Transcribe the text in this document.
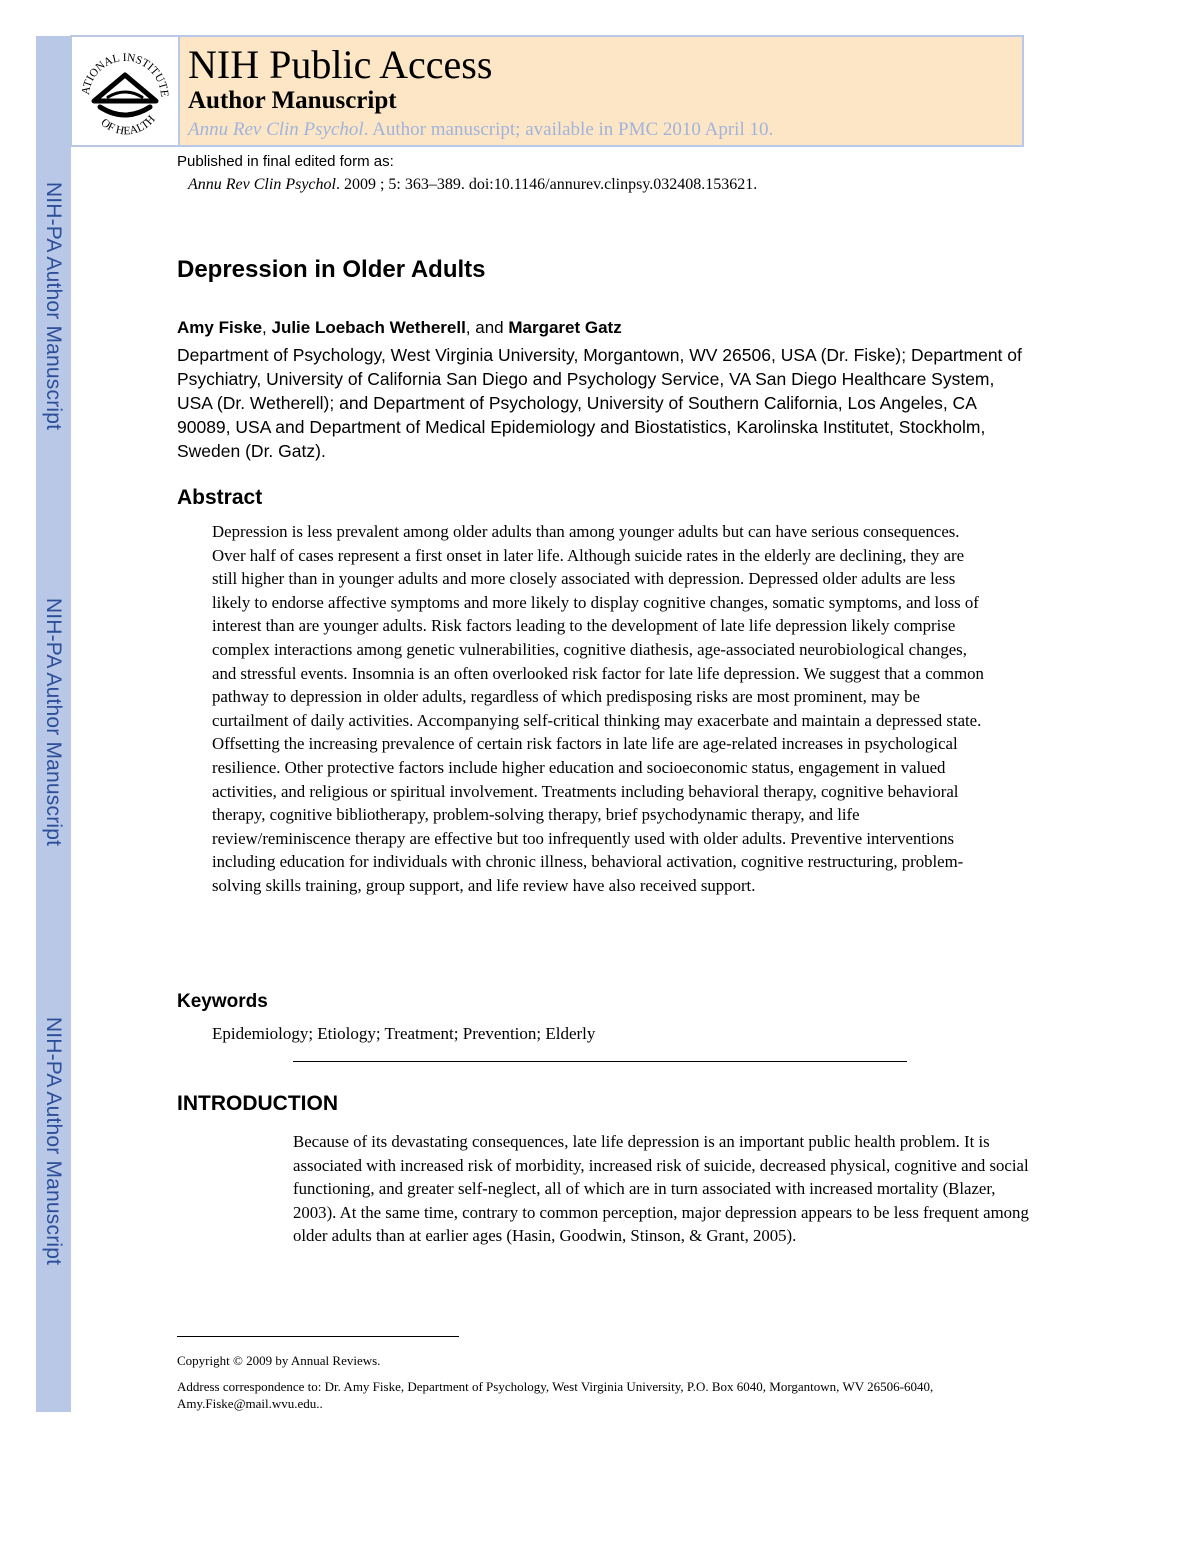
NIH-PA Author Manuscript
NIH-PA Author Manuscript
NIH-PA Author Manuscript
ATIONAL INSTITUTE
OF HEALTH
NIH Public Access
Author Manuscript
Annu Rev Clin Psychol. Author manuscript; available in PMC 2010 April 10.
Published in final edited form as:
Annu Rev Clin Psychol. 2009 ; 5: 363–389. doi:10.1146/annurev.clinpsy.032408.153621.
Depression in Older Adults
Amy Fiske, Julie Loebach Wetherell, and Margaret Gatz
Department of Psychology, West Virginia University, Morgantown, WV 26506, USA (Dr. Fiske); Department of Psychiatry, University of California San Diego and Psychology Service, VA San Diego Healthcare System, USA (Dr. Wetherell); and Department of Psychology, University of Southern California, Los Angeles, CA 90089, USA and Department of Medical Epidemiology and Biostatistics, Karolinska Institutet, Stockholm, Sweden (Dr. Gatz).
Abstract

Depression is less prevalent among older adults than among younger adults but can have serious consequences. Over half of cases represent a first onset in later life. Although suicide rates in the elderly are declining, they are still higher than in younger adults and more closely associated with depression. Depressed older adults are less likely to endorse affective symptoms and more likely to display cognitive changes, somatic symptoms, and loss of interest than are younger adults. Risk factors leading to the development of late life depression likely comprise complex interactions among genetic vulnerabilities, cognitive diathesis, age-associated neurobiological changes, and stressful events. Insomnia is an often overlooked risk factor for late life depression. We suggest that a common pathway to depression in older adults, regardless of which predisposing risks are most prominent, may be curtailment of daily activities. Accompanying self-critical thinking may exacerbate and maintain a depressed state. Offsetting the increasing prevalence of certain risk factors in late life are age-related increases in psychological resilience. Other protective factors include higher education and socioeconomic status, engagement in valued activities, and religious or spiritual involvement. Treatments including behavioral therapy, cognitive behavioral therapy, cognitive bibliotherapy, problem-solving therapy, brief psychodynamic therapy, and life review/reminiscence therapy are effective but too infrequently used with older adults. Preventive interventions including education for individuals with chronic illness, behavioral activation, cognitive restructuring, problem-solving skills training, group support, and life review have also received support.

Keywords
Epidemiology; Etiology; Treatment; Prevention; Elderly
INTRODUCTION

Because of its devastating consequences, late life depression is an important public health problem. It is associated with increased risk of morbidity, increased risk of suicide, decreased physical, cognitive and social functioning, and greater self-neglect, all of which are in turn associated with increased mortality (Blazer, 2003). At the same time, contrary to common perception, major depression appears to be less frequent among older adults than at earlier ages (Hasin, Goodwin, Stinson, & Grant, 2005).

Copyright © 2009 by Annual Reviews.
Address correspondence to: Dr. Amy Fiske, Department of Psychology, West Virginia University, P.O. Box 6040, Morgantown, WV 26506-6040, Amy.Fiske@mail.wvu.edu..
